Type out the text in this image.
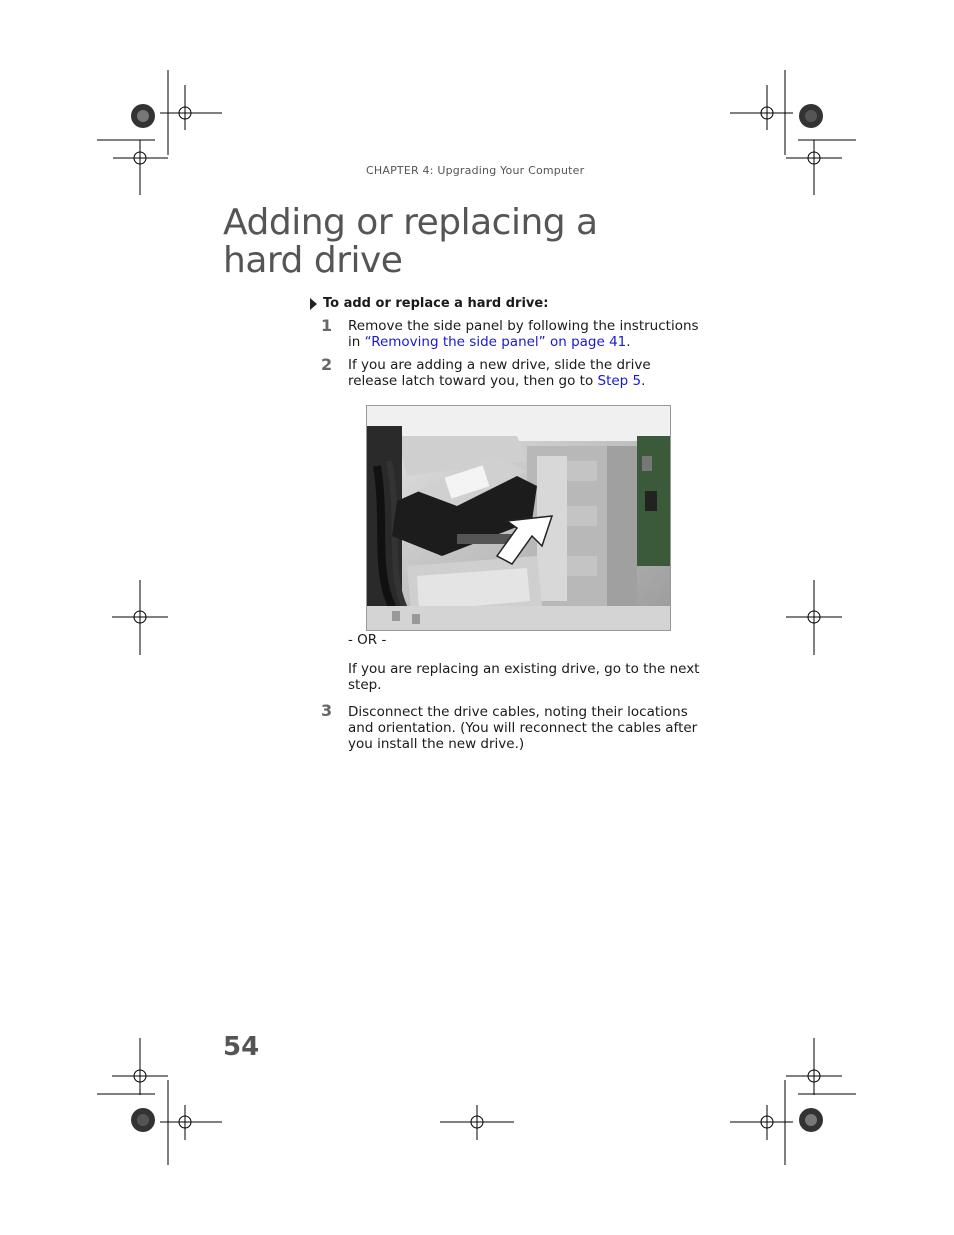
CHAPTER 4: Upgrading Your Computer
Adding or replacing a
hard drive
To add or replace a hard drive:
1	Remove the side panel by following the instructions in “Removing the side panel” on page 41.
2	If you are adding a new drive, slide the drive release latch toward you, then go to Step 5.
- OR -
If you are replacing an existing drive, go to the next step.
3	Disconnect the drive cables, noting their locations and orientation. (You will reconnect the cables after you install the new drive.)
54
